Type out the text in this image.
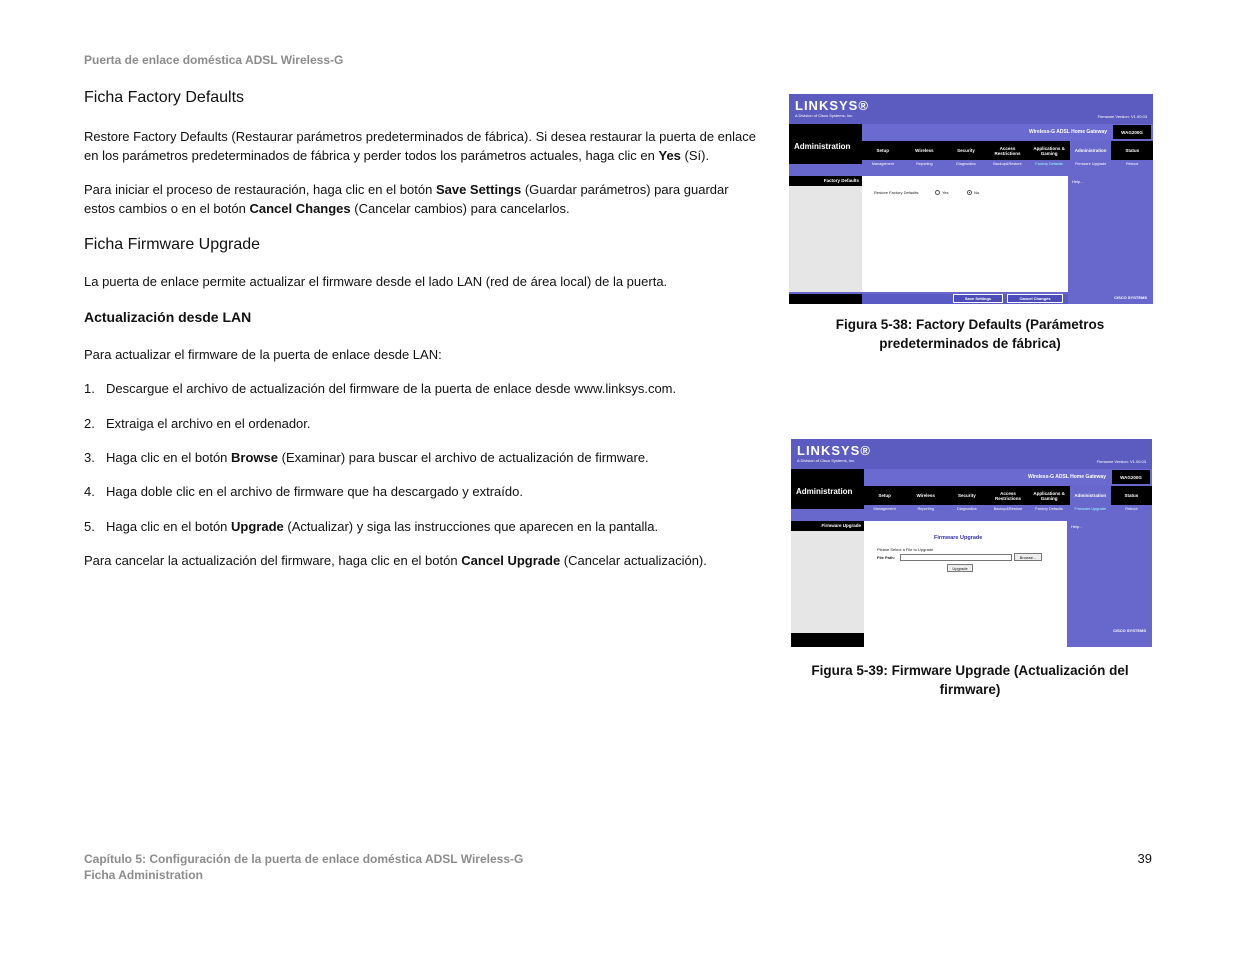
Puerta de enlace doméstica ADSL Wireless-G
Ficha Factory Defaults
Restore Factory Defaults (Restaurar parámetros predeterminados de fábrica). Si desea restaurar la puerta de enlace
en los parámetros predeterminados de fábrica y perder todos los parámetros actuales, haga clic en Yes (Sí).
Para iniciar el proceso de restauración, haga clic en el botón Save Settings (Guardar parámetros) para guardar
estos cambios o en el botón Cancel Changes (Cancelar cambios) para cancelarlos.
Ficha Firmware Upgrade
La puerta de enlace permite actualizar el firmware desde el lado LAN (red de área local) de la puerta.
Actualización desde LAN
Para actualizar el firmware de la puerta de enlace desde LAN:
1. Descargue el archivo de actualización del firmware de la puerta de enlace desde www.linksys.com.
2. Extraiga el archivo en el ordenador.
3. Haga clic en el botón Browse (Examinar) para buscar el archivo de actualización de firmware.
4. Haga doble clic en el archivo de firmware que ha descargado y extraído.
5. Haga clic en el botón Upgrade (Actualizar) y siga las instrucciones que aparecen en la pantalla.
Para cancelar la actualización del firmware, haga clic en el botón Cancel Upgrade (Cancelar actualización).
LINKSYS®
A Division of Cisco Systems, Inc.	Firmware Version: V1.00.03
Administration
Wireless-G ADSL Home Gateway	WAG200G
Setup	Wireless	Security	Access Restrictions
Applications & Gaming	Administration	Status
Management	Reporting	Diagnostics	Backup&Restore	Factory Defaults	Firmware Upgrade	Reboot
Factory Defaults
Restore Factory Defaults:	Yes	No
Help...
CISCO SYSTEMS
Save Settings	Cancel Changes
Figura 5-38: Factory Defaults (Parámetros
predeterminados de fábrica)
LINKSYS®
A Division of Cisco Systems, Inc.	Firmware Version: V1.00.03
Administration
Wireless-G ADSL Home Gateway	WAG200G
Setup	Wireless	Security	Access Restrictions
Applications & Gaming	Administration	Status
Management	Reporting	Diagnostics	Backup&Restore	Factory Defaults	Firmware Upgrade	Reboot
Firmware Upgrade
Firmware Upgrade
Please Select a File to Upgrade
File Path:	Browse...
Upgrade
Help...
CISCO SYSTEMS
Figura 5-39: Firmware Upgrade (Actualización del
firmware)
Capítulo 5: Configuración de la puerta de enlace doméstica ADSL Wireless-G
Ficha Administration
39
